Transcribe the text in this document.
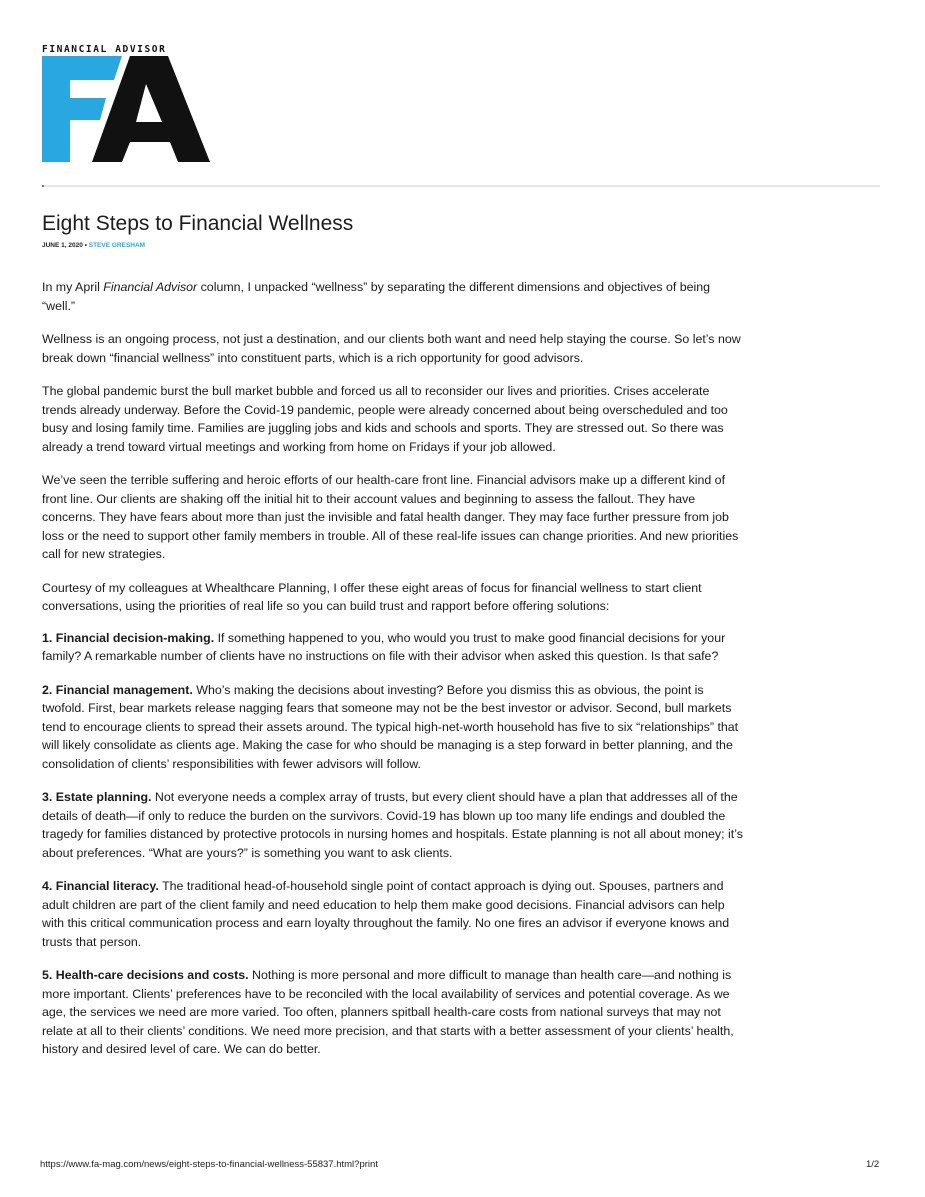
FINANCIAL ADVISOR
Eight Steps to Financial Wellness
JUNE 1, 2020 • STEVE GRESHAM

In my April Financial Advisor column, I unpacked “wellness” by separating the different dimensions and objectives of being
“well.”

Wellness is an ongoing process, not just a destination, and our clients both want and need help staying the course. So let’s now
break down “financial wellness” into constituent parts, which is a rich opportunity for good advisors.

The global pandemic burst the bull market bubble and forced us all to reconsider our lives and priorities. Crises accelerate
trends already underway. Before the Covid-19 pandemic, people were already concerned about being overscheduled and too
busy and losing family time. Families are juggling jobs and kids and schools and sports. They are stressed out. So there was
already a trend toward virtual meetings and working from home on Fridays if your job allowed.

We’ve seen the terrible suffering and heroic efforts of our health-care front line. Financial advisors make up a different kind of
front line. Our clients are shaking off the initial hit to their account values and beginning to assess the fallout. They have
concerns. They have fears about more than just the invisible and fatal health danger. They may face further pressure from job
loss or the need to support other family members in trouble. All of these real-life issues can change priorities. And new priorities
call for new strategies.

Courtesy of my colleagues at Whealthcare Planning, I offer these eight areas of focus for financial wellness to start client
conversations, using the priorities of real life so you can build trust and rapport before offering solutions:

1. Financial decision-making. If something happened to you, who would you trust to make good financial decisions for your
family? A remarkable number of clients have no instructions on file with their advisor when asked this question. Is that safe?

2. Financial management. Who’s making the decisions about investing? Before you dismiss this as obvious, the point is
twofold. First, bear markets release nagging fears that someone may not be the best investor or advisor. Second, bull markets
tend to encourage clients to spread their assets around. The typical high-net-worth household has five to six “relationships” that
will likely consolidate as clients age. Making the case for who should be managing is a step forward in better planning, and the
consolidation of clients’ responsibilities with fewer advisors will follow.

3. Estate planning. Not everyone needs a complex array of trusts, but every client should have a plan that addresses all of the
details of death—if only to reduce the burden on the survivors. Covid-19 has blown up too many life endings and doubled the
tragedy for families distanced by protective protocols in nursing homes and hospitals. Estate planning is not all about money; it’s
about preferences. “What are yours?” is something you want to ask clients.

4. Financial literacy. The traditional head-of-household single point of contact approach is dying out. Spouses, partners and
adult children are part of the client family and need education to help them make good decisions. Financial advisors can help
with this critical communication process and earn loyalty throughout the family. No one fires an advisor if everyone knows and
trusts that person.

5. Health-care decisions and costs. Nothing is more personal and more difficult to manage than health care—and nothing is
more important. Clients’ preferences have to be reconciled with the local availability of services and potential coverage. As we
age, the services we need are more varied. Too often, planners spitball health-care costs from national surveys that may not
relate at all to their clients’ conditions. We need more precision, and that starts with a better assessment of your clients’ health,
history and desired level of care. We can do better.

https://www.fa-mag.com/news/eight-steps-to-financial-wellness-55837.html?print	1/2
